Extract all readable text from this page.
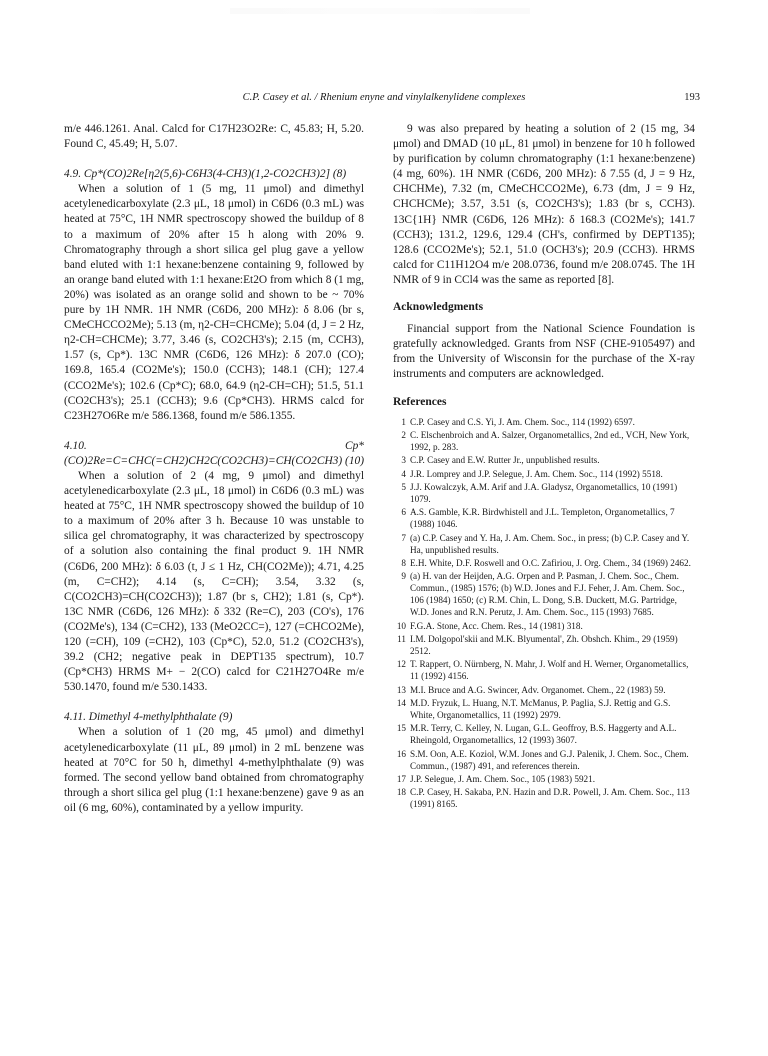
C.P. Casey et al. / Rhenium enyne and vinylalkenylidene complexes	193

m/e 446.1261. Anal. Calcd for C17H23O2Re: C, 45.83; H, 5.20. Found C, 45.49; H, 5.07.

4.9. Cp*(CO)2Re[η2(5,6)-C6H3(4-CH3)(1,2-CO2CH3)2] (8)

When a solution of 1 (5 mg, 11 μmol) and dimethyl acetylenedicarboxylate (2.3 μL, 18 μmol) in C6D6 (0.3 mL) was heated at 75°C, 1H NMR spectroscopy showed the buildup of 8 to a maximum of 20% after 15 h along with 20% 9. Chromatography through a short silica gel plug gave a yellow band eluted with 1:1 hexane:benzene containing 9, followed by an orange band eluted with 1:1 hexane:Et2O from which 8 (1 mg, 20%) was isolated as an orange solid and shown to be ~ 70% pure by 1H NMR. 1H NMR (C6D6, 200 MHz): δ 8.06 (br s, CMeCHCCO2Me); 5.13 (m, η2-CH=CHCMe); 5.04 (d, J = 2 Hz, η2-CH=CHCMe); 3.77, 3.46 (s, CO2CH3's); 2.15 (m, CCH3), 1.57 (s, Cp*). 13C NMR (C6D6, 126 MHz): δ 207.0 (CO); 169.8, 165.4 (CO2Me's); 150.0 (CCH3); 148.1 (CH); 127.4 (CCO2Me's); 102.6 (Cp*C); 68.0, 64.9 (η2-CH=CH); 51.5, 51.1 (CO2CH3's); 25.1 (CCH3); 9.6 (Cp*CH3). HRMS calcd for C23H27O6Re m/e 586.1368, found m/e 586.1355.

4.10. Cp*(CO)2Re=C=CHC(=CH2)CH2C(CO2CH3)=CH(CO2CH3) (10)

When a solution of 2 (4 mg, 9 μmol) and dimethyl acetylenedicarboxylate (2.3 μL, 18 μmol) in C6D6 (0.3 mL) was heated at 75°C, 1H NMR spectroscopy showed the buildup of 10 to a maximum of 20% after 3 h. Because 10 was unstable to silica gel chromatography, it was characterized by spectroscopy of a solution also containing the final product 9. 1H NMR (C6D6, 200 MHz): δ 6.03 (t, J ≤ 1 Hz, CH(CO2Me)); 4.71, 4.25 (m, C=CH2); 4.14 (s, C=CH); 3.54, 3.32 (s, C(CO2CH3)=CH(CO2CH3)); 1.87 (br s, CH2); 1.81 (s, Cp*). 13C NMR (C6D6, 126 MHz): δ 332 (Re=C), 203 (CO's), 176 (CO2Me's), 134 (C=CH2), 133 (MeO2CC=), 127 (=CHCO2Me), 120 (=CH), 109 (=CH2), 103 (Cp*C), 52.0, 51.2 (CO2CH3's), 39.2 (CH2; negative peak in DEPT135 spectrum), 10.7 (Cp*CH3) HRMS M+ − 2(CO) calcd for C21H27O4Re m/e 530.1470, found m/e 530.1433.

4.11. Dimethyl 4-methylphthalate (9)

When a solution of 1 (20 mg, 45 μmol) and dimethyl acetylenedicarboxylate (11 μL, 89 μmol) in 2 mL benzene was heated at 70°C for 50 h, dimethyl 4-methylphthalate (9) was formed. The second yellow band obtained from chromatography through a short silica gel plug (1:1 hexane:benzene) gave 9 as an oil (6 mg, 60%), contaminated by a yellow impurity.

9 was also prepared by heating a solution of 2 (15 mg, 34 μmol) and DMAD (10 μL, 81 μmol) in benzene for 10 h followed by purification by column chromatography (1:1 hexane:benzene) (4 mg, 60%). 1H NMR (C6D6, 200 MHz): δ 7.55 (d, J = 9 Hz, CHCHMe), 7.32 (m, CMeCHCCO2Me), 6.73 (dm, J = 9 Hz, CHCHCMe); 3.57, 3.51 (s, CO2CH3's); 1.83 (br s, CCH3). 13C{1H} NMR (C6D6, 126 MHz): δ 168.3 (CO2Me's); 141.7 (CCH3); 131.2, 129.6, 129.4 (CH's, confirmed by DEPT135); 128.6 (CCO2Me's); 52.1, 51.0 (OCH3's); 20.9 (CCH3). HRMS calcd for C11H12O4 m/e 208.0736, found m/e 208.0745. The 1H NMR of 9 in CCl4 was the same as reported [8].

Acknowledgments

Financial support from the National Science Foundation is gratefully acknowledged. Grants from NSF (CHE-9105497) and from the University of Wisconsin for the purchase of the X-ray instruments and computers are acknowledged.

References
1 C.P. Casey and C.S. Yi, J. Am. Chem. Soc., 114 (1992) 6597.
2 C. Elschenbroich and A. Salzer, Organometallics, 2nd ed., VCH, New York, 1992, p. 283.
3 C.P. Casey and E.W. Rutter Jr., unpublished results.
4 J.R. Lomprey and J.P. Selegue, J. Am. Chem. Soc., 114 (1992) 5518.
5 J.J. Kowalczyk, A.M. Arif and J.A. Gladysz, Organometallics, 10 (1991) 1079.
6 A.S. Gamble, K.R. Birdwhistell and J.L. Templeton, Organometallics, 7 (1988) 1046.
7 (a) C.P. Casey and Y. Ha, J. Am. Chem. Soc., in press; (b) C.P. Casey and Y. Ha, unpublished results.
8 E.H. White, D.F. Roswell and O.C. Zafiriou, J. Org. Chem., 34 (1969) 2462.
9 (a) H. van der Heijden, A.G. Orpen and P. Pasman, J. Chem. Soc., Chem. Commun., (1985) 1576; (b) W.D. Jones and F.J. Feher, J. Am. Chem. Soc., 106 (1984) 1650; (c) R.M. Chin, L. Dong, S.B. Duckett, M.G. Partridge, W.D. Jones and R.N. Perutz, J. Am. Chem. Soc., 115 (1993) 7685.
10 F.G.A. Stone, Acc. Chem. Res., 14 (1981) 318.
11 I.M. Dolgopol'skii and M.K. Blyumental', Zh. Obshch. Khim., 29 (1959) 2512.
12 T. Rappert, O. Nürnberg, N. Mahr, J. Wolf and H. Werner, Organometallics, 11 (1992) 4156.
13 M.I. Bruce and A.G. Swincer, Adv. Organomet. Chem., 22 (1983) 59.
14 M.D. Fryzuk, L. Huang, N.T. McManus, P. Paglia, S.J. Rettig and G.S. White, Organometallics, 11 (1992) 2979.
15 M.R. Terry, C. Kelley, N. Lugan, G.L. Geoffroy, B.S. Haggerty and A.L. Rheingold, Organometallics, 12 (1993) 3607.
16 S.M. Oon, A.E. Koziol, W.M. Jones and G.J. Palenik, J. Chem. Soc., Chem. Commun., (1987) 491, and references therein.
17 J.P. Selegue, J. Am. Chem. Soc., 105 (1983) 5921.
18 C.P. Casey, H. Sakaba, P.N. Hazin and D.R. Powell, J. Am. Chem. Soc., 113 (1991) 8165.
